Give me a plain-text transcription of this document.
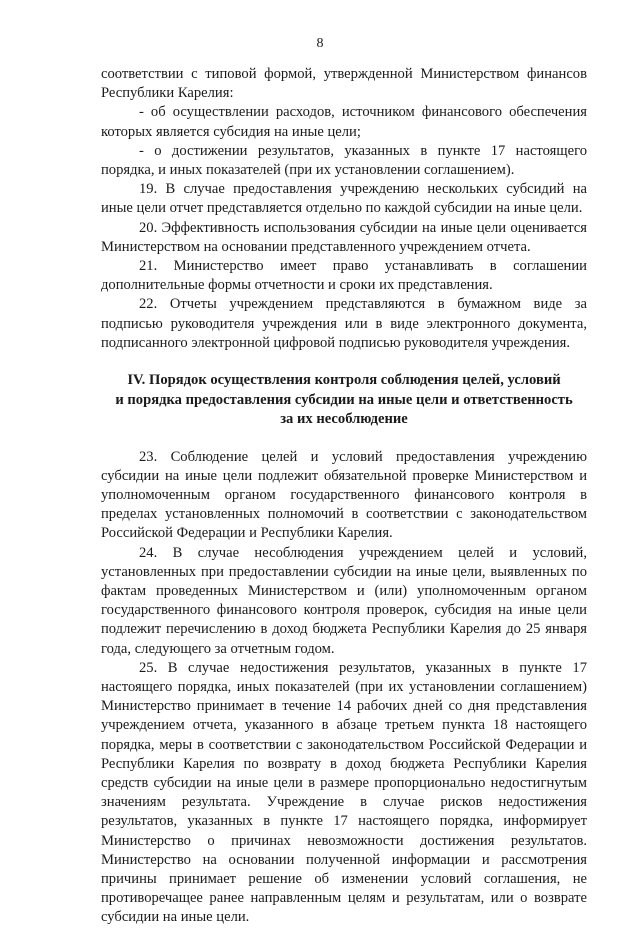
8

соответствии с типовой формой, утвержденной Министерством финансов Республики Карелия:

- об осуществлении расходов, источником финансового обеспечения которых является субсидия на иные цели;

- о достижении результатов, указанных в пункте 17 настоящего порядка, и иных показателей (при их установлении соглашением).

19. В случае предоставления учреждению нескольких субсидий на иные цели отчет представляется отдельно по каждой субсидии на иные цели.

20. Эффективность использования субсидии на иные цели оценивается Министерством на основании представленного учреждением отчета.

21. Министерство имеет право устанавливать в соглашении дополнительные формы отчетности и сроки их представления.

22. Отчеты учреждением представляются в бумажном виде за подписью руководителя учреждения или в виде электронного документа, подписанного электронной цифровой подписью руководителя учреждения.

IV. Порядок осуществления контроля соблюдения целей, условий
и порядка предоставления субсидии на иные цели и ответственность
за их несоблюдение

23. Соблюдение целей и условий предоставления учреждению субсидии на иные цели подлежит обязательной проверке Министерством и уполномоченным органом государственного финансового контроля в пределах установленных полномочий в соответствии с законодательством Российской Федерации и Республики Карелия.

24. В случае несоблюдения учреждением целей и условий, установленных при предоставлении субсидии на иные цели, выявленных по фактам проведенных Министерством и (или) уполномоченным органом государственного финансового контроля проверок, субсидия на иные цели подлежит перечислению в доход бюджета Республики Карелия до 25 января года, следующего за отчетным годом.

25. В случае недостижения результатов, указанных в пункте 17 настоящего порядка, иных показателей (при их установлении соглашением) Министерство принимает в течение 14 рабочих дней со дня представления учреждением отчета, указанного в абзаце третьем пункта 18 настоящего порядка, меры в соответствии с законодательством Российской Федерации и Республики Карелия по возврату в доход бюджета Республики Карелия средств субсидии на иные цели в размере пропорционально недостигнутым значениям результата. Учреждение в случае рисков недостижения результатов, указанных в пункте 17 настоящего порядка, информирует Министерство о причинах невозможности достижения результатов. Министерство на основании полученной информации и рассмотрения причины принимает решение об изменении условий соглашения, не противоречащее ранее направленным целям и результатам, или о возврате субсидии на иные цели.
